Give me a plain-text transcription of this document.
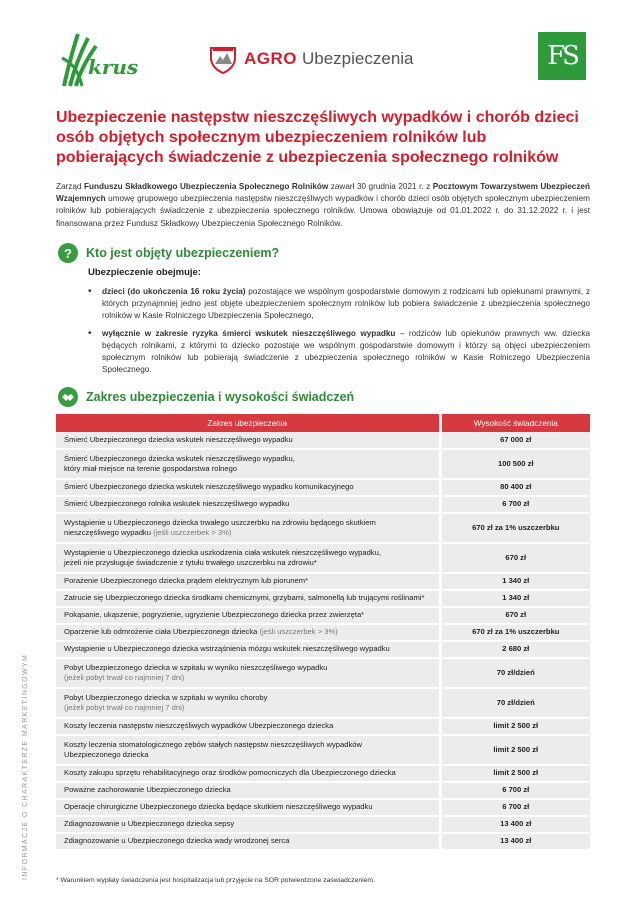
krus	AGRO Ubezpieczenia	FS
Ubezpieczenie następstw nieszczęśliwych wypadków i chorób dzieci osób objętych społecznym ubezpieczeniem rolników lub pobierających świadczenie z ubezpieczenia społecznego rolników

Zarząd Funduszu Składkowego Ubezpieczenia Społecznego Rolników zawarł 30 grudnia 2021 r. z Pocztowym Towarzystwem Ubezpieczeń Wzajemnych umowę grupowego ubezpieczenia następstw nieszczęśliwych wypadków i chorób dzieci osób objętych społecznym ubezpieczeniem rolników lub pobierających świadczenie z ubezpieczenia społecznego rolników. Umowa obowiązuje od 01.01.2022 r. do 31.12.2022 r. i jest finansowana przez Fundusz Składkowy Ubezpieczenia Społecznego Rolników.

?	Kto jest objęty ubezpieczeniem?
Ubezpieczenie obejmuje:
• dzieci (do ukończenia 16 roku życia) pozostające we wspólnym gospodarstwie domowym z rodzicami lub opiekunami prawnymi, z których przynajmniej jedno jest objęte ubezpieczeniem społecznym rolników lub pobiera świadczenie z ubezpieczenia społecznego rolników w Kasie Rolniczego Ubezpieczenia Społecznego,
• wyłącznie w zakresie ryzyka śmierci wskutek nieszczęśliwego wypadku – rodziców lub opiekunów prawnych ww. dziecka będących rolnikami, z którymi to dziecko pozostaje we wspólnym gospodarstwie domowym i którzy są objęci ubezpieczeniem społecznym rolników lub pobierają świadczenie z ubezpieczenia społecznego rolników w Kasie Rolniczego Ubezpieczenia Społecznego.
Zakres ubezpieczenia i wysokości świadczeń
Zakres ubezpieczenia	Wysokość świadczenia
Śmierć Ubezpieczonego dziecka wskutek nieszczęśliwego wypadku	67 000 zł
Śmierć Ubezpieczonego dziecka wskutek nieszczęśliwego wypadku,
który miał miejsce na terenie gospodarstwa rolnego	100 500 zł
Śmierć Ubezpieczonego dziecka wskutek nieszczęśliwego wypadku komunikacyjnego	80 400 zł
Śmierć Ubezpieczonego rolnika wskutek nieszczęśliwego wypadku	6 700 zł
Wystąpienie u Ubezpieczonego dziecka trwałego uszczerbku na zdrowiu będącego skutkiem
nieszczęśliwego wypadku (jeśli uszczerbek > 3%)	670 zł za 1% uszczerbku
Wystąpienie u Ubezpieczonego dziecka uszkodzenia ciała wskutek nieszczęśliwego wypadku,
jeżeli nie przysługuje świadczenie z tytułu trwałego uszczerbku na zdrowiu*	670 zł
Porażenie Ubezpieczonego dziecka prądem elektrycznym lub piorunem*	1 340 zł
Zatrucie się Ubezpieczonego dziecka środkami chemicznymi, grzybami, salmonellą lub trującymi roślinami*	1 340 zł
Pokąsanie, ukąszenie, pogryzienie, ugryzienie Ubezpieczonego dziecka przez zwierzęta*	670 zł
Oparzenie lub odmrożenie ciała Ubezpieczonego dziecka (jeśli uszczerbek > 3%)	670 zł za 1% uszczerbku
Wystąpienie u Ubezpieczonego dziecka wstrząśnienia mózgu wskutek nieszczęśliwego wypadku	2 680 zł
Pobyt Ubezpieczonego dziecka w szpitalu w wyniku nieszczęśliwego wypadku
(jeżeli pobyt trwał co najmniej 7 dni)	70 zł/dzień
Pobyt Ubezpieczonego dziecka w szpitalu w wyniku choroby
(jeżeli pobyt trwał co najmniej 7 dni)	70 zł/dzień
Koszty leczenia następstw nieszczęśliwych wypadków Ubezpieczonego dziecka	limit 2 500 zł
Koszty leczenia stomatologicznego zębów stałych następstw nieszczęśliwych wypadków
Ubezpieczonego dziecka	limit 2 500 zł
Koszty zakupu sprzętu rehabilitacyjnego oraz środków pomocniczych dla Ubezpieczonego dziecka	limit 2 500 zł
Poważne zachorowanie Ubezpieczonego dziecka	6 700 zł
Operacje chirurgiczne Ubezpieczonego dziecka będące skutkiem nieszczęśliwego wypadku	6 700 zł
Zdiagnozowanie u Ubezpieczonego dziecka sepsy	13 400 zł
Zdiagnozowanie u Ubezpieczonego dziecka wady wrodzonej serca	13 400 zł
* Warunkiem wypłaty świadczenia jest hospitalizacja lub przyjęcie na SOR potwierdzone zaświadczeniem.
INFORMACJE O CHARAKTERZE MARKETINGOWYM
